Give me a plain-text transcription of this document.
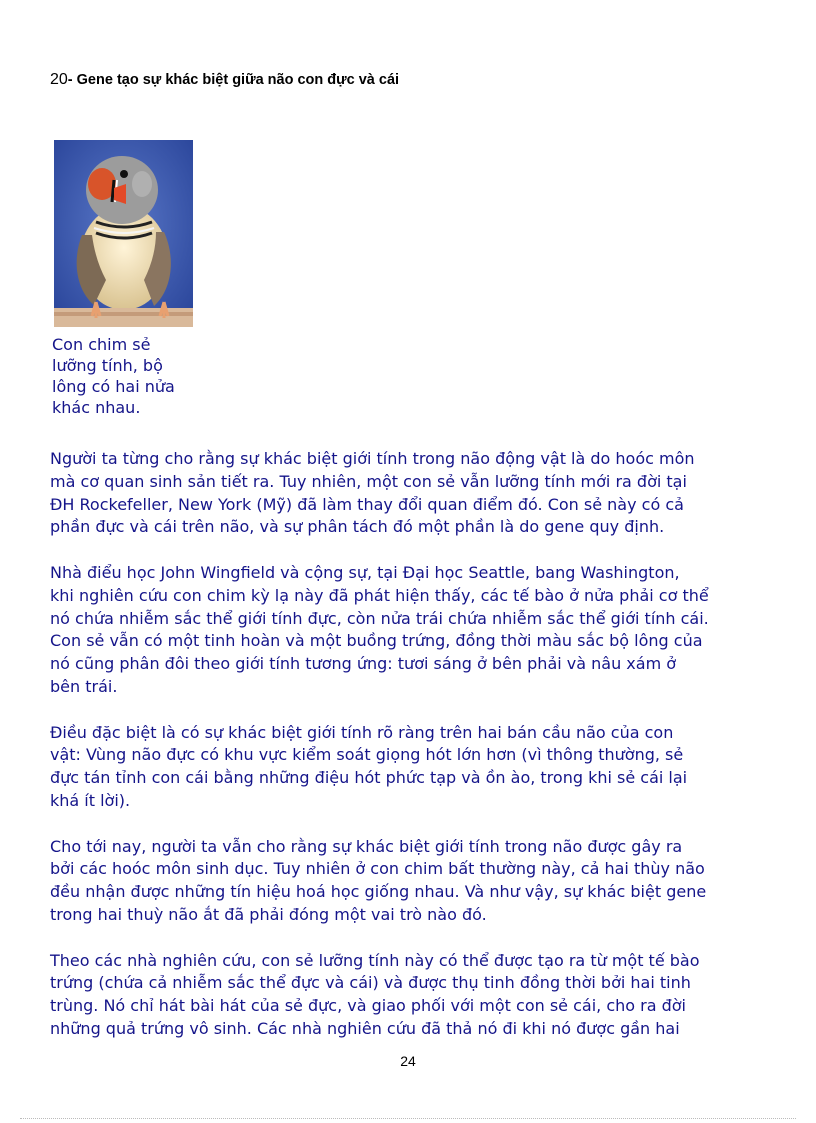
20- Gene tạo sự khác biệt giữa não con đực và cái
Con chim sẻ
lưỡng tính, bộ
lông có hai nửa
khác nhau.

Người ta từng cho rằng sự khác biệt giới tính trong não động vật là do hoóc môn
mà cơ quan sinh sản tiết ra. Tuy nhiên, một con sẻ vẫn lưỡng tính mới ra đời tại
ĐH Rockefeller, New York (Mỹ) đã làm thay đổi quan điểm đó. Con sẻ này có cả
phần đực và cái trên não, và sự phân tách đó một phần là do gene quy định.

Nhà điểu học John Wingfield và cộng sự, tại Đại học Seattle, bang Washington,
khi nghiên cứu con chim kỳ lạ này đã phát hiện thấy, các tế bào ở nửa phải cơ thể
nó chứa nhiễm sắc thể giới tính đực, còn nửa trái chứa nhiễm sắc thể giới tính cái.
Con sẻ vẫn có một tinh hoàn và một buồng trứng, đồng thời màu sắc bộ lông của
nó cũng phân đôi theo giới tính tương ứng: tươi sáng ở bên phải và nâu xám ở
bên trái.

Điều đặc biệt là có sự khác biệt giới tính rõ ràng trên hai bán cầu não của con
vật: Vùng não đực có khu vực kiểm soát giọng hót lớn hơn (vì thông thường, sẻ
đực tán tỉnh con cái bằng những điệu hót phức tạp và ồn ào, trong khi sẻ cái lại
khá ít lời).

Cho tới nay, người ta vẫn cho rằng sự khác biệt giới tính trong não được gây ra
bởi các hoóc môn sinh dục. Tuy nhiên ở con chim bất thường này, cả hai thùy não
đều nhận được những tín hiệu hoá học giống nhau. Và như vậy, sự khác biệt gene
trong hai thuỳ não ắt đã phải đóng một vai trò nào đó.

Theo các nhà nghiên cứu, con sẻ lưỡng tính này có thể được tạo ra từ một tế bào
trứng (chứa cả nhiễm sắc thể đực và cái) và được thụ tinh đồng thời bởi hai tinh
trùng. Nó chỉ hát bài hát của sẻ đực, và giao phối với một con sẻ cái, cho ra đời
những quả trứng vô sinh. Các nhà nghiên cứu đã thả nó đi khi nó được gần hai

24
